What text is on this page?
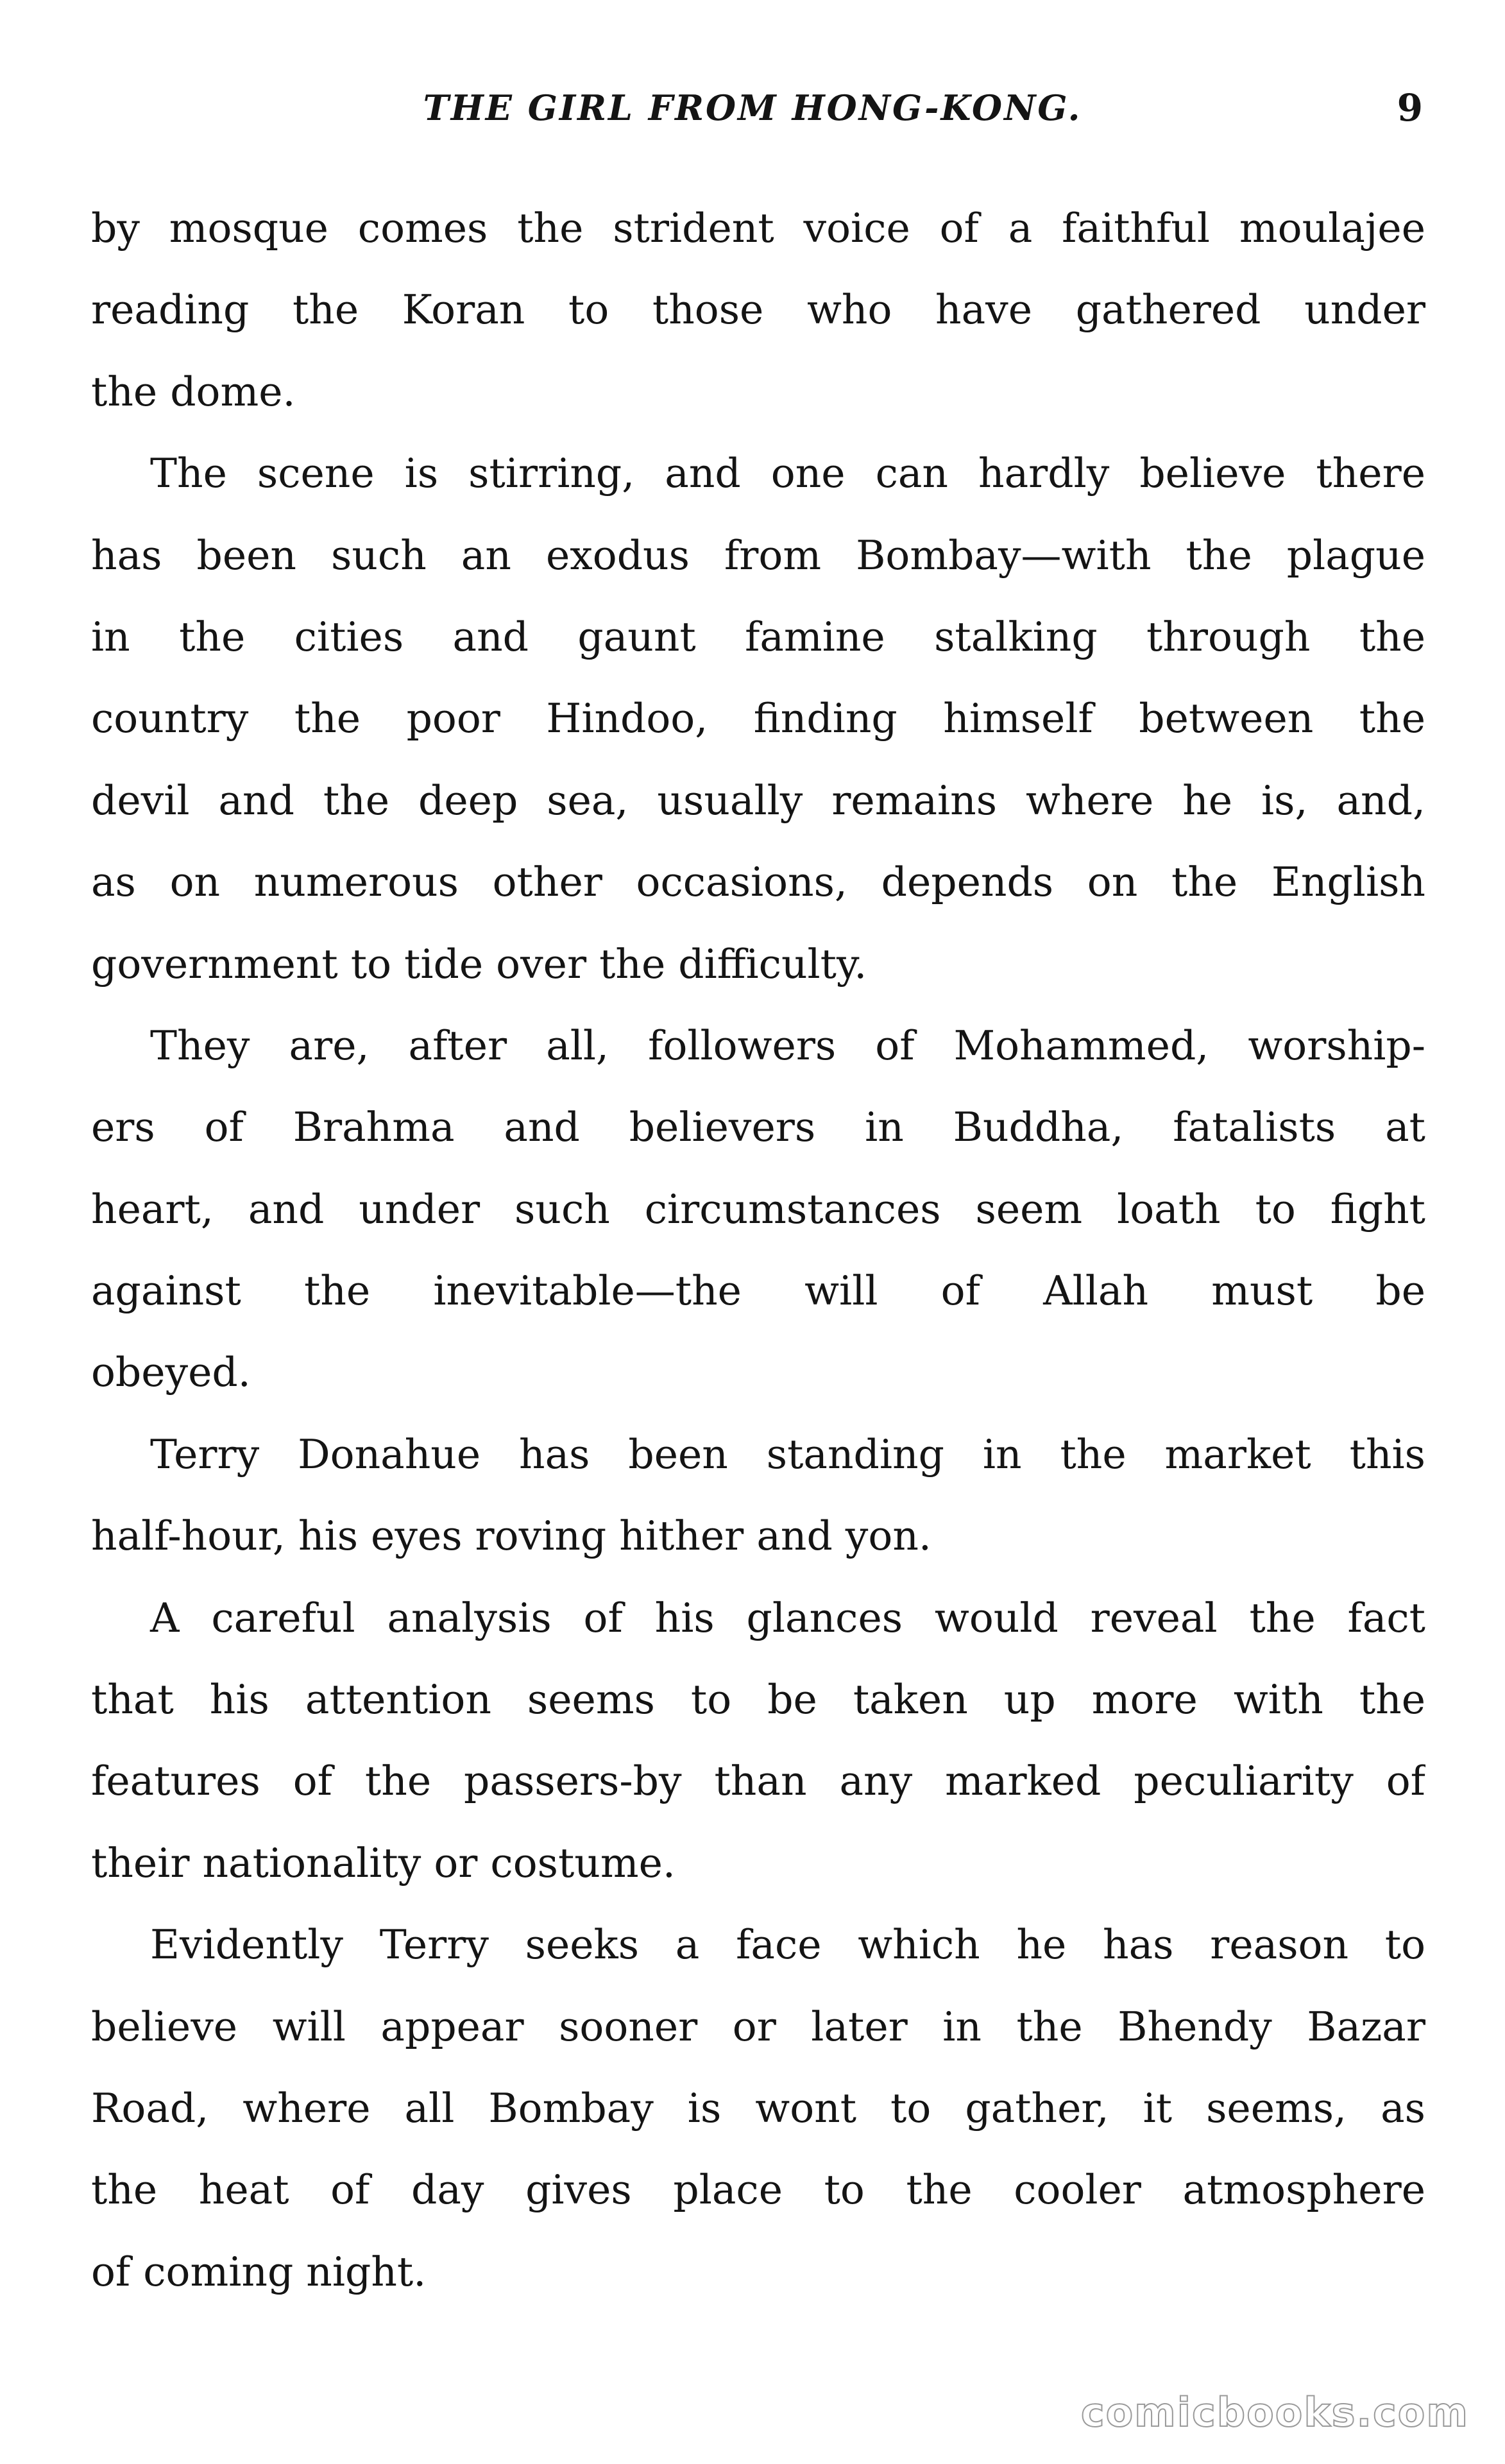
THE GIRL FROM HONG-KONG.	9
by mosque comes the strident voice of a faithful moulajee
reading the Koran to those who have gathered under
the dome.
The scene is stirring, and one can hardly believe there
has been such an exodus from Bombay—with the plague
in the cities and gaunt famine stalking through the
country the poor Hindoo, finding himself between the
devil and the deep sea, usually remains where he is, and,
as on numerous other occasions, depends on the English
government to tide over the difficulty.
They are, after all, followers of Mohammed, worship-
ers of Brahma and believers in Buddha, fatalists at
heart, and under such circumstances seem loath to fight
against the inevitable—the will of Allah must be
obeyed.
Terry Donahue has been standing in the market this
half-hour, his eyes roving hither and yon.
A careful analysis of his glances would reveal the fact
that his attention seems to be taken up more with the
features of the passers-by than any marked peculiarity of
their nationality or costume.
Evidently Terry seeks a face which he has reason to
believe will appear sooner or later in the Bhendy Bazar
Road, where all Bombay is wont to gather, it seems, as
the heat of day gives place to the cooler atmosphere
of coming night.
comicbooks.com
